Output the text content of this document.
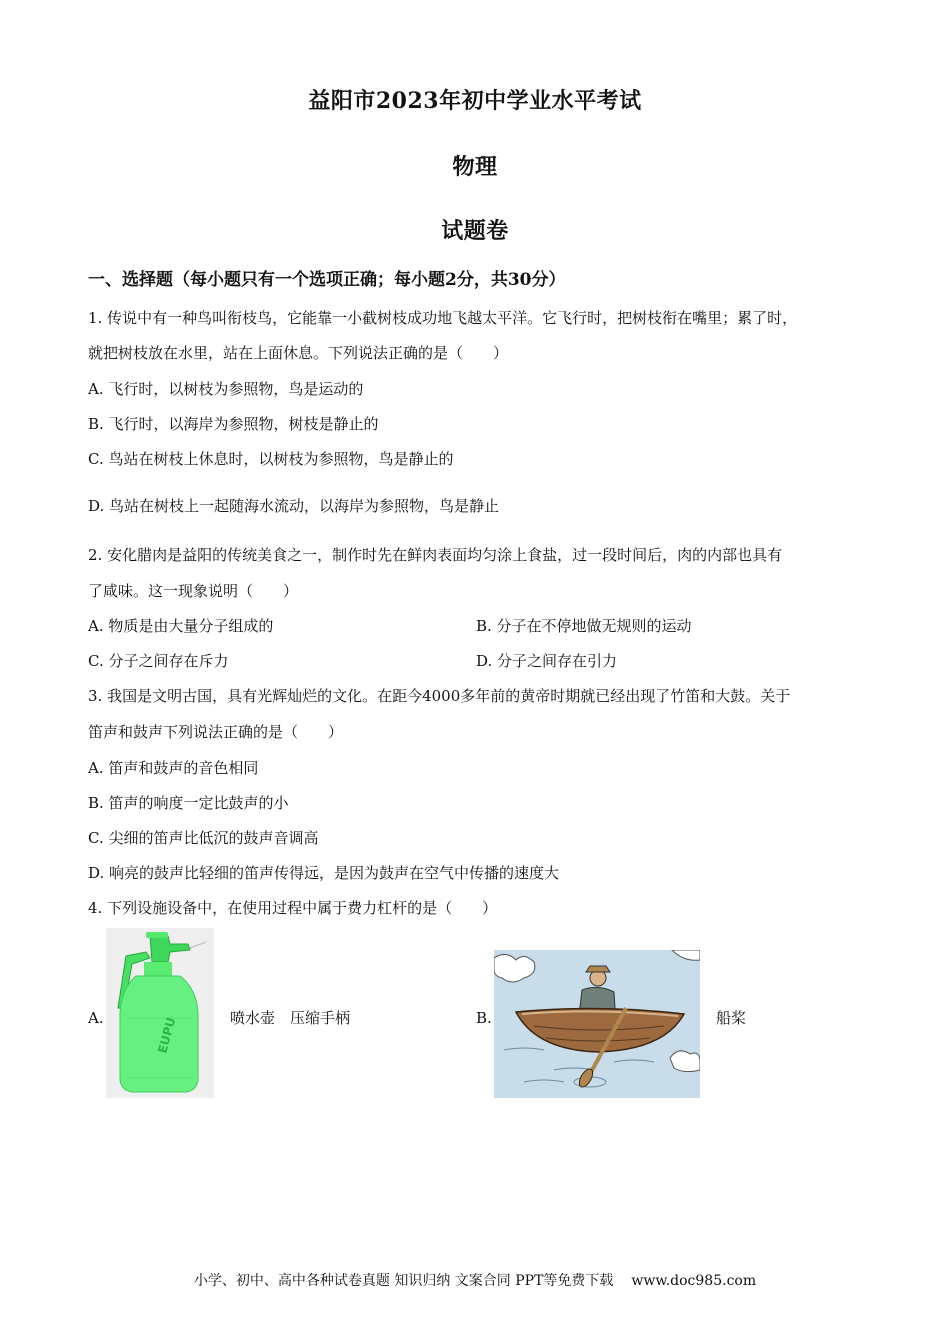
益阳市2023年初中学业水平考试
物理
试题卷
一、选择题（每小题只有一个选项正确；每小题2分，共30分）
1. 传说中有一种鸟叫衔枝鸟，它能靠一小截树枝成功地飞越太平洋。它飞行时，把树枝衔在嘴里；累了时，
就把树枝放在水里，站在上面休息。下列说法正确的是（　　）
A. 飞行时，以树枝为参照物，鸟是运动的
B. 飞行时，以海岸为参照物，树枝是静止的
C. 鸟站在树枝上休息时，以树枝为参照物，鸟是静止的
D. 鸟站在树枝上一起随海水流动，以海岸为参照物，鸟是静止
2. 安化腊肉是益阳的传统美食之一，制作时先在鲜肉表面均匀涂上食盐，过一段时间后，肉的内部也具有
了咸味。这一现象说明（　　）
A. 物质是由大量分子组成的	B. 分子在不停地做无规则的运动
C. 分子之间存在斥力	D. 分子之间存在引力
3. 我国是文明古国，具有光辉灿烂的文化。在距今4000多年前的黄帝时期就已经出现了竹笛和大鼓。关于
笛声和鼓声下列说法正确的是（　　）
A. 笛声和鼓声的音色相同
B. 笛声的响度一定比鼓声的小
C. 尖细的笛声比低沉的鼓声音调高
D. 响亮的鼓声比轻细的笛声传得远，是因为鼓声在空气中传播的速度大
4. 下列设施设备中，在使用过程中属于费力杠杆的是（　　）
A.	EUPU	喷水壶　压缩手柄	B.	船桨
小学、初中、高中各种试卷真题 知识归纳 文案合同 PPT等免费下载 www.doc985.com
